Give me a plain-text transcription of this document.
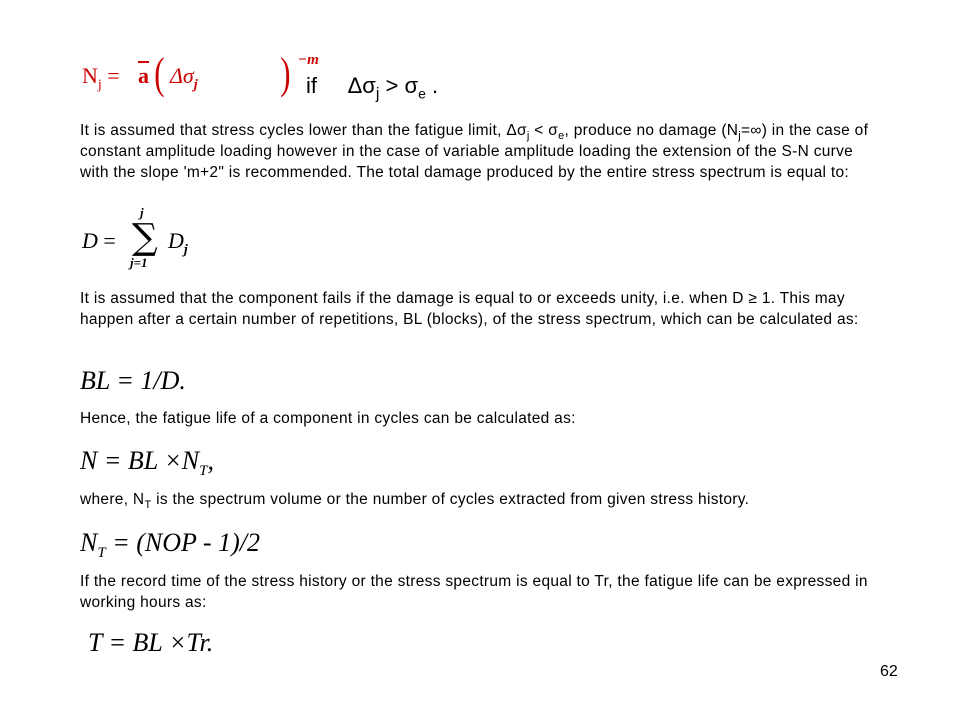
$N_j = \overline{a}$ ( $\Delta\sigma_j$ ) −m
if $\Delta\sigma_j > \sigma_e$ .
It is assumed that stress cycles lower than the fatigue limit, $\Delta\sigma_j < \sigma_e$, produce no damage $(N_j=\infty)$ in the case of constant amplitude loading however in the case of variable amplitude loading the extension of the S-N curve with the slope 'm+2" is recommended. The total damage produced by the entire stress spectrum is equal to:
D =
j
∑
j=1
$D_j$
It is assumed that the component fails if the damage is equal to or exceeds unity, i.e. when D ≥ 1. This may happen after a certain number of repetitions, BL (blocks), of the stress spectrum, which can be calculated as:
BL = 1/D.
Hence, the fatigue life of a component in cycles can be calculated as:
N = BL $\times N_T$,
where, $N_T$ is the spectrum volume or the number of cycles extracted from given stress history.
$N_T = (NOP - 1)/2$
If the record time of the stress history or the stress spectrum is equal to Tr, the fatigue life can be expressed in working hours as:
T = BL ×Tr.
62
